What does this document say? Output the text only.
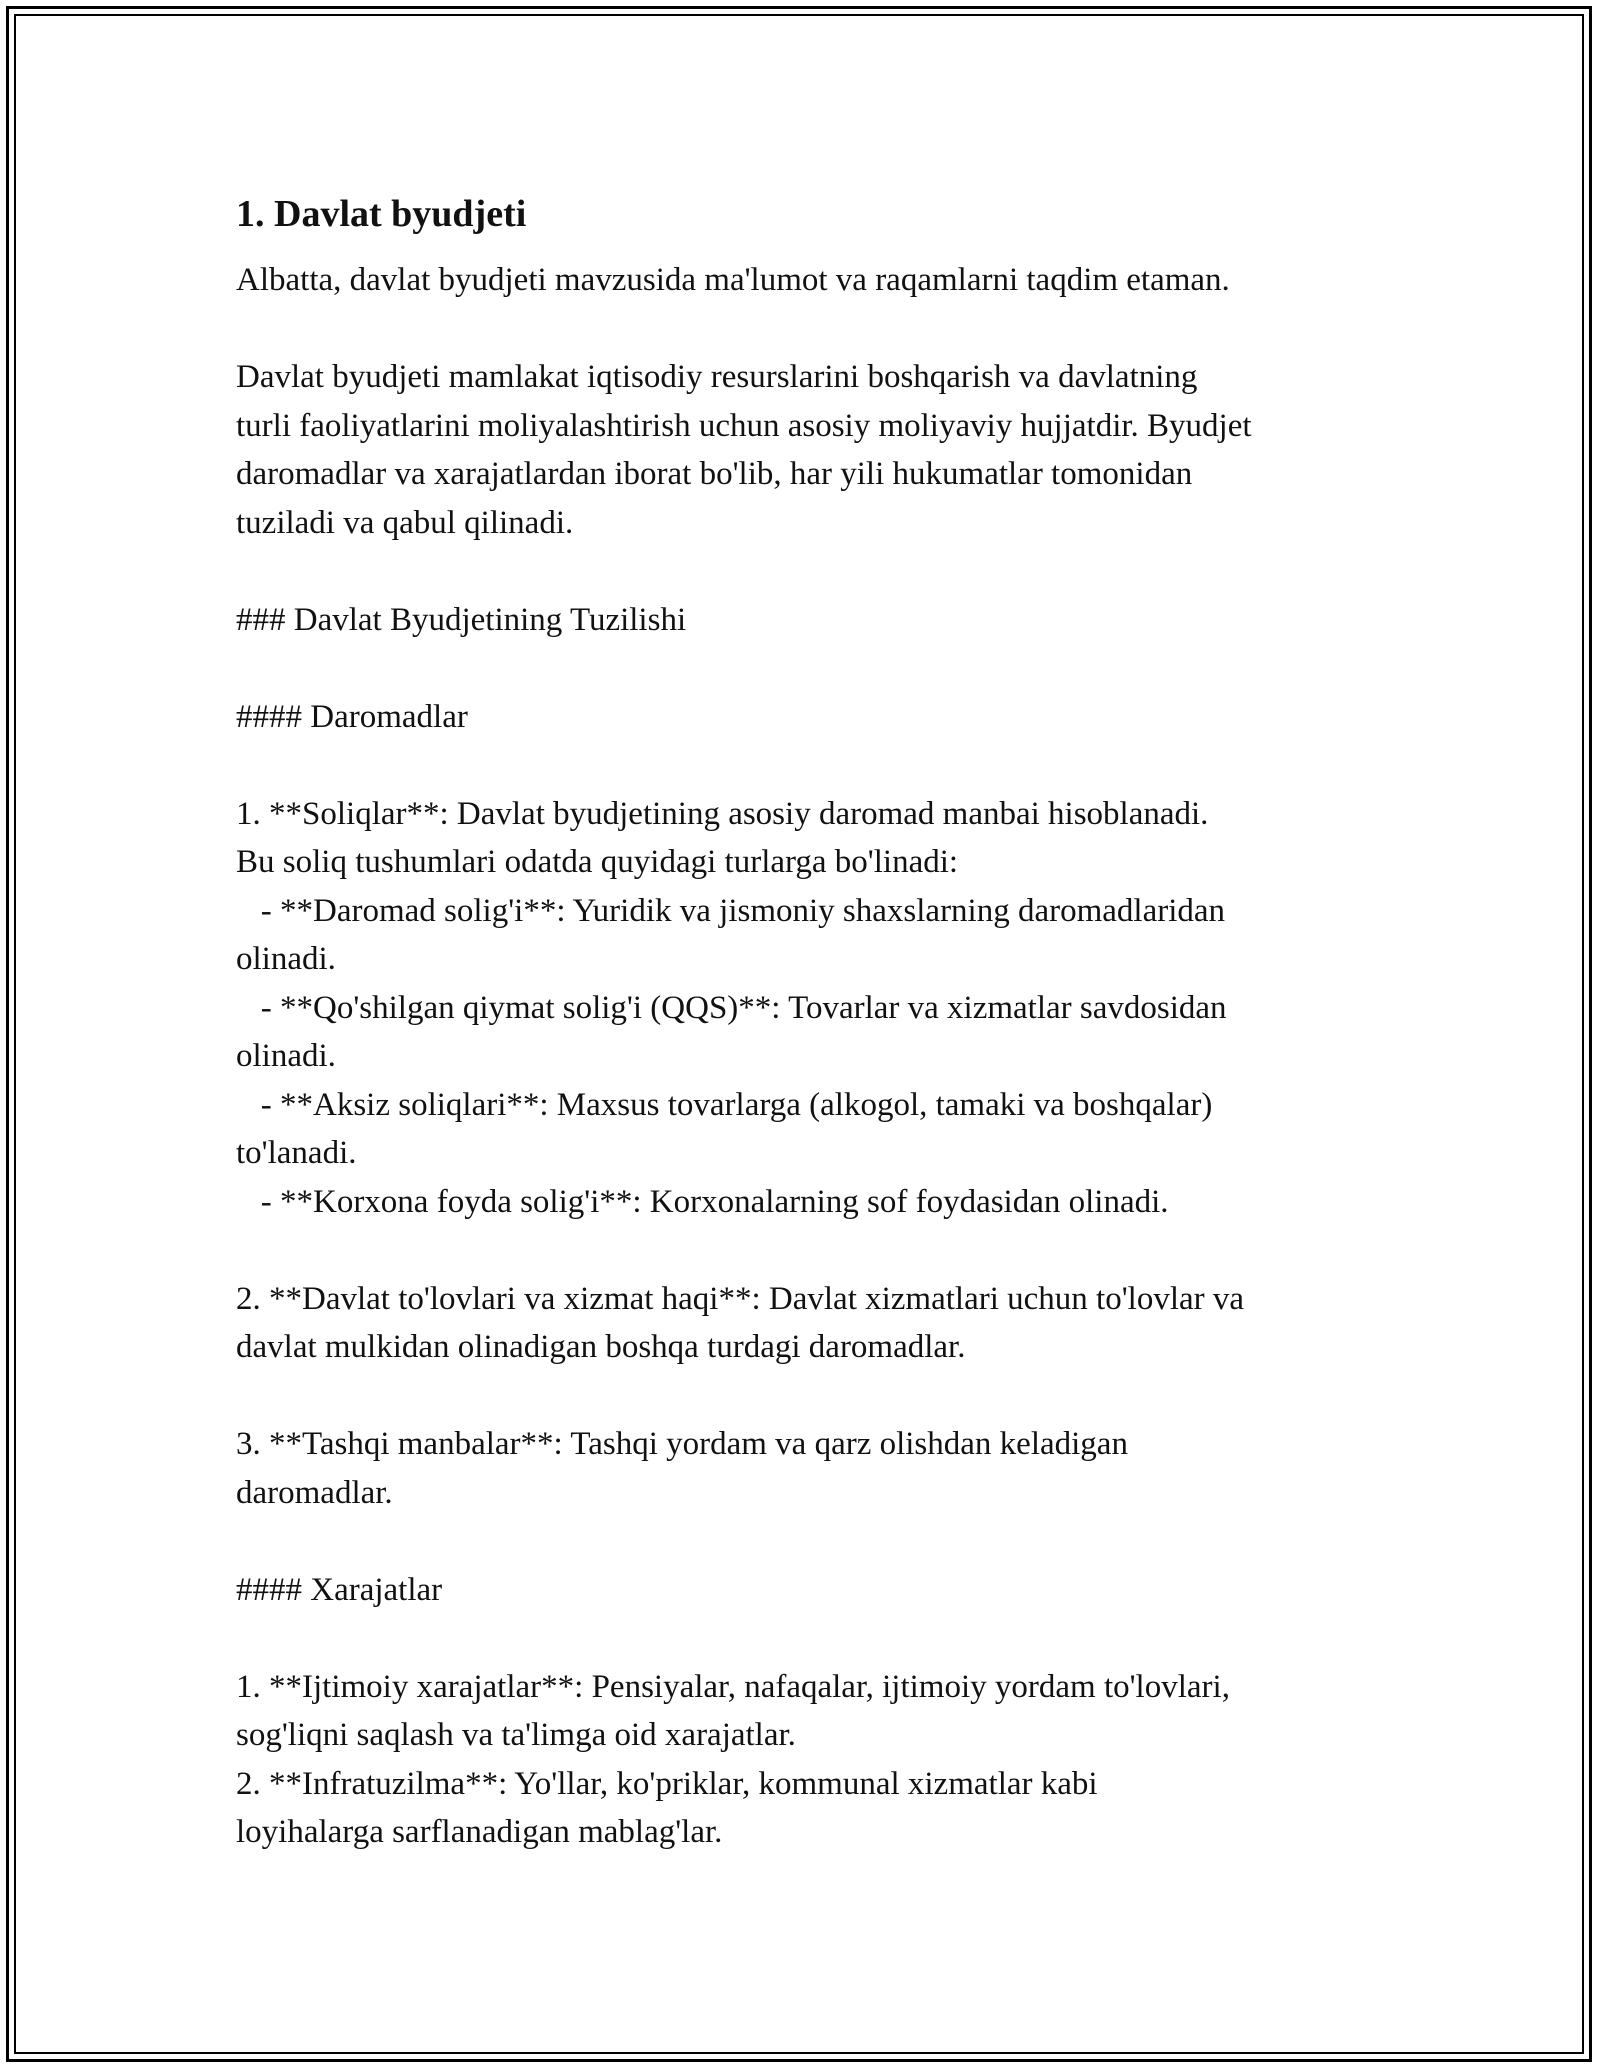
1. Davlat byudjeti

Albatta, davlat byudjeti mavzusida ma'lumot va raqamlarni taqdim etaman.

Davlat byudjeti mamlakat iqtisodiy resurslarini boshqarish va davlatning

turli faoliyatlarini moliyalashtirish uchun asosiy moliyaviy hujjatdir. Byudjet

daromadlar va xarajatlardan iborat bo'lib, har yili hukumatlar tomonidan

tuziladi va qabul qilinadi.

### Davlat Byudjetining Tuzilishi

#### Daromadlar

1. **Soliqlar**: Davlat byudjetining asosiy daromad manbai hisoblanadi.

Bu soliq tushumlari odatda quyidagi turlarga bo'linadi:

- **Daromad solig'i**: Yuridik va jismoniy shaxslarning daromadlaridan

olinadi.

- **Qo'shilgan qiymat solig'i (QQS)**: Tovarlar va xizmatlar savdosidan

olinadi.

- **Aksiz soliqlari**: Maxsus tovarlarga (alkogol, tamaki va boshqalar)

to'lanadi.

- **Korxona foyda solig'i**: Korxonalarning sof foydasidan olinadi.

2. **Davlat to'lovlari va xizmat haqi**: Davlat xizmatlari uchun to'lovlar va

davlat mulkidan olinadigan boshqa turdagi daromadlar.

3. **Tashqi manbalar**: Tashqi yordam va qarz olishdan keladigan

daromadlar.

#### Xarajatlar

1. **Ijtimoiy xarajatlar**: Pensiyalar, nafaqalar, ijtimoiy yordam to'lovlari,

sog'liqni saqlash va ta'limga oid xarajatlar.

2. **Infratuzilma**: Yo'llar, ko'priklar, kommunal xizmatlar kabi

loyihalarga sarflanadigan mablag'lar.
